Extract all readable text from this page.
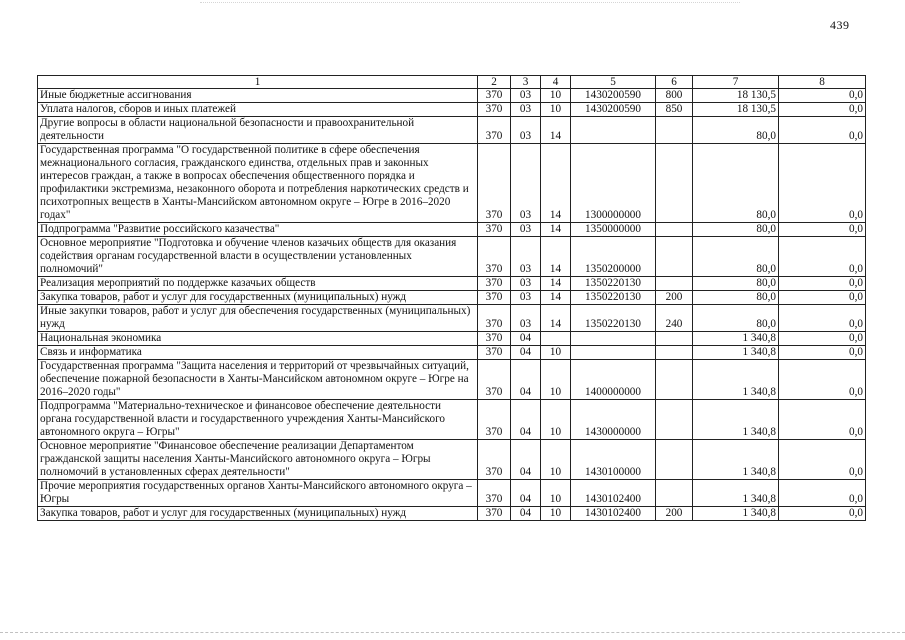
439
1	2	3	4	5	6	7	8
Иные бюджетные ассигнования	370	03	10	1430200590	800	18 130,5	0,0
Уплата налогов, сборов и иных платежей	370	03	10	1430200590	850	18 130,5	0,0
Другие вопросы в области национальной безопасности и правоохранительной деятельности	370	03	14			80,0	0,0
Государственная программа "О государственной политике в сфере обеспечения межнационального согласия, гражданского единства, отдельных прав и законных интересов граждан, а также в вопросах обеспечения общественного порядка и профилактики экстремизма, незаконного оборота и потребления наркотических средств и психотропных веществ в Ханты-Мансийском автономном округе – Югре в 2016–2020 годах"	370	03	14	1300000000		80,0	0,0
Подпрограмма "Развитие российского казачества"	370	03	14	1350000000		80,0	0,0
Основное мероприятие "Подготовка и обучение членов казачьих обществ для оказания содействия органам государственной власти в осуществлении установленных полномочий"	370	03	14	1350200000		80,0	0,0
Реализация мероприятий по поддержке казачьих обществ	370	03	14	1350220130		80,0	0,0
Закупка товаров, работ и услуг для государственных (муниципальных) нужд	370	03	14	1350220130	200	80,0	0,0
Иные закупки товаров, работ и услуг для обеспечения государственных (муниципальных) нужд	370	03	14	1350220130	240	80,0	0,0
Национальная экономика	370	04				1 340,8	0,0
Связь и информатика	370	04	10			1 340,8	0,0
Государственная программа "Защита населения и территорий от чрезвычайных ситуаций, обеспечение пожарной безопасности в Ханты-Мансийском автономном округе – Югре на 2016–2020 годы"	370	04	10	1400000000		1 340,8	0,0
Подпрограмма "Материально-техническое и финансовое обеспечение деятельности органа государственной власти и государственного учреждения Ханты-Мансийского автономного округа – Югры"	370	04	10	1430000000		1 340,8	0,0
Основное мероприятие "Финансовое обеспечение реализации Департаментом гражданской защиты населения Ханты-Мансийского автономного округа – Югры полномочий в установленных сферах деятельности"	370	04	10	1430100000		1 340,8	0,0
Прочие мероприятия государственных органов Ханты-Мансийского автономного округа – Югры	370	04	10	1430102400		1 340,8	0,0
Закупка товаров, работ и услуг для государственных (муниципальных) нужд	370	04	10	1430102400	200	1 340,8	0,0
